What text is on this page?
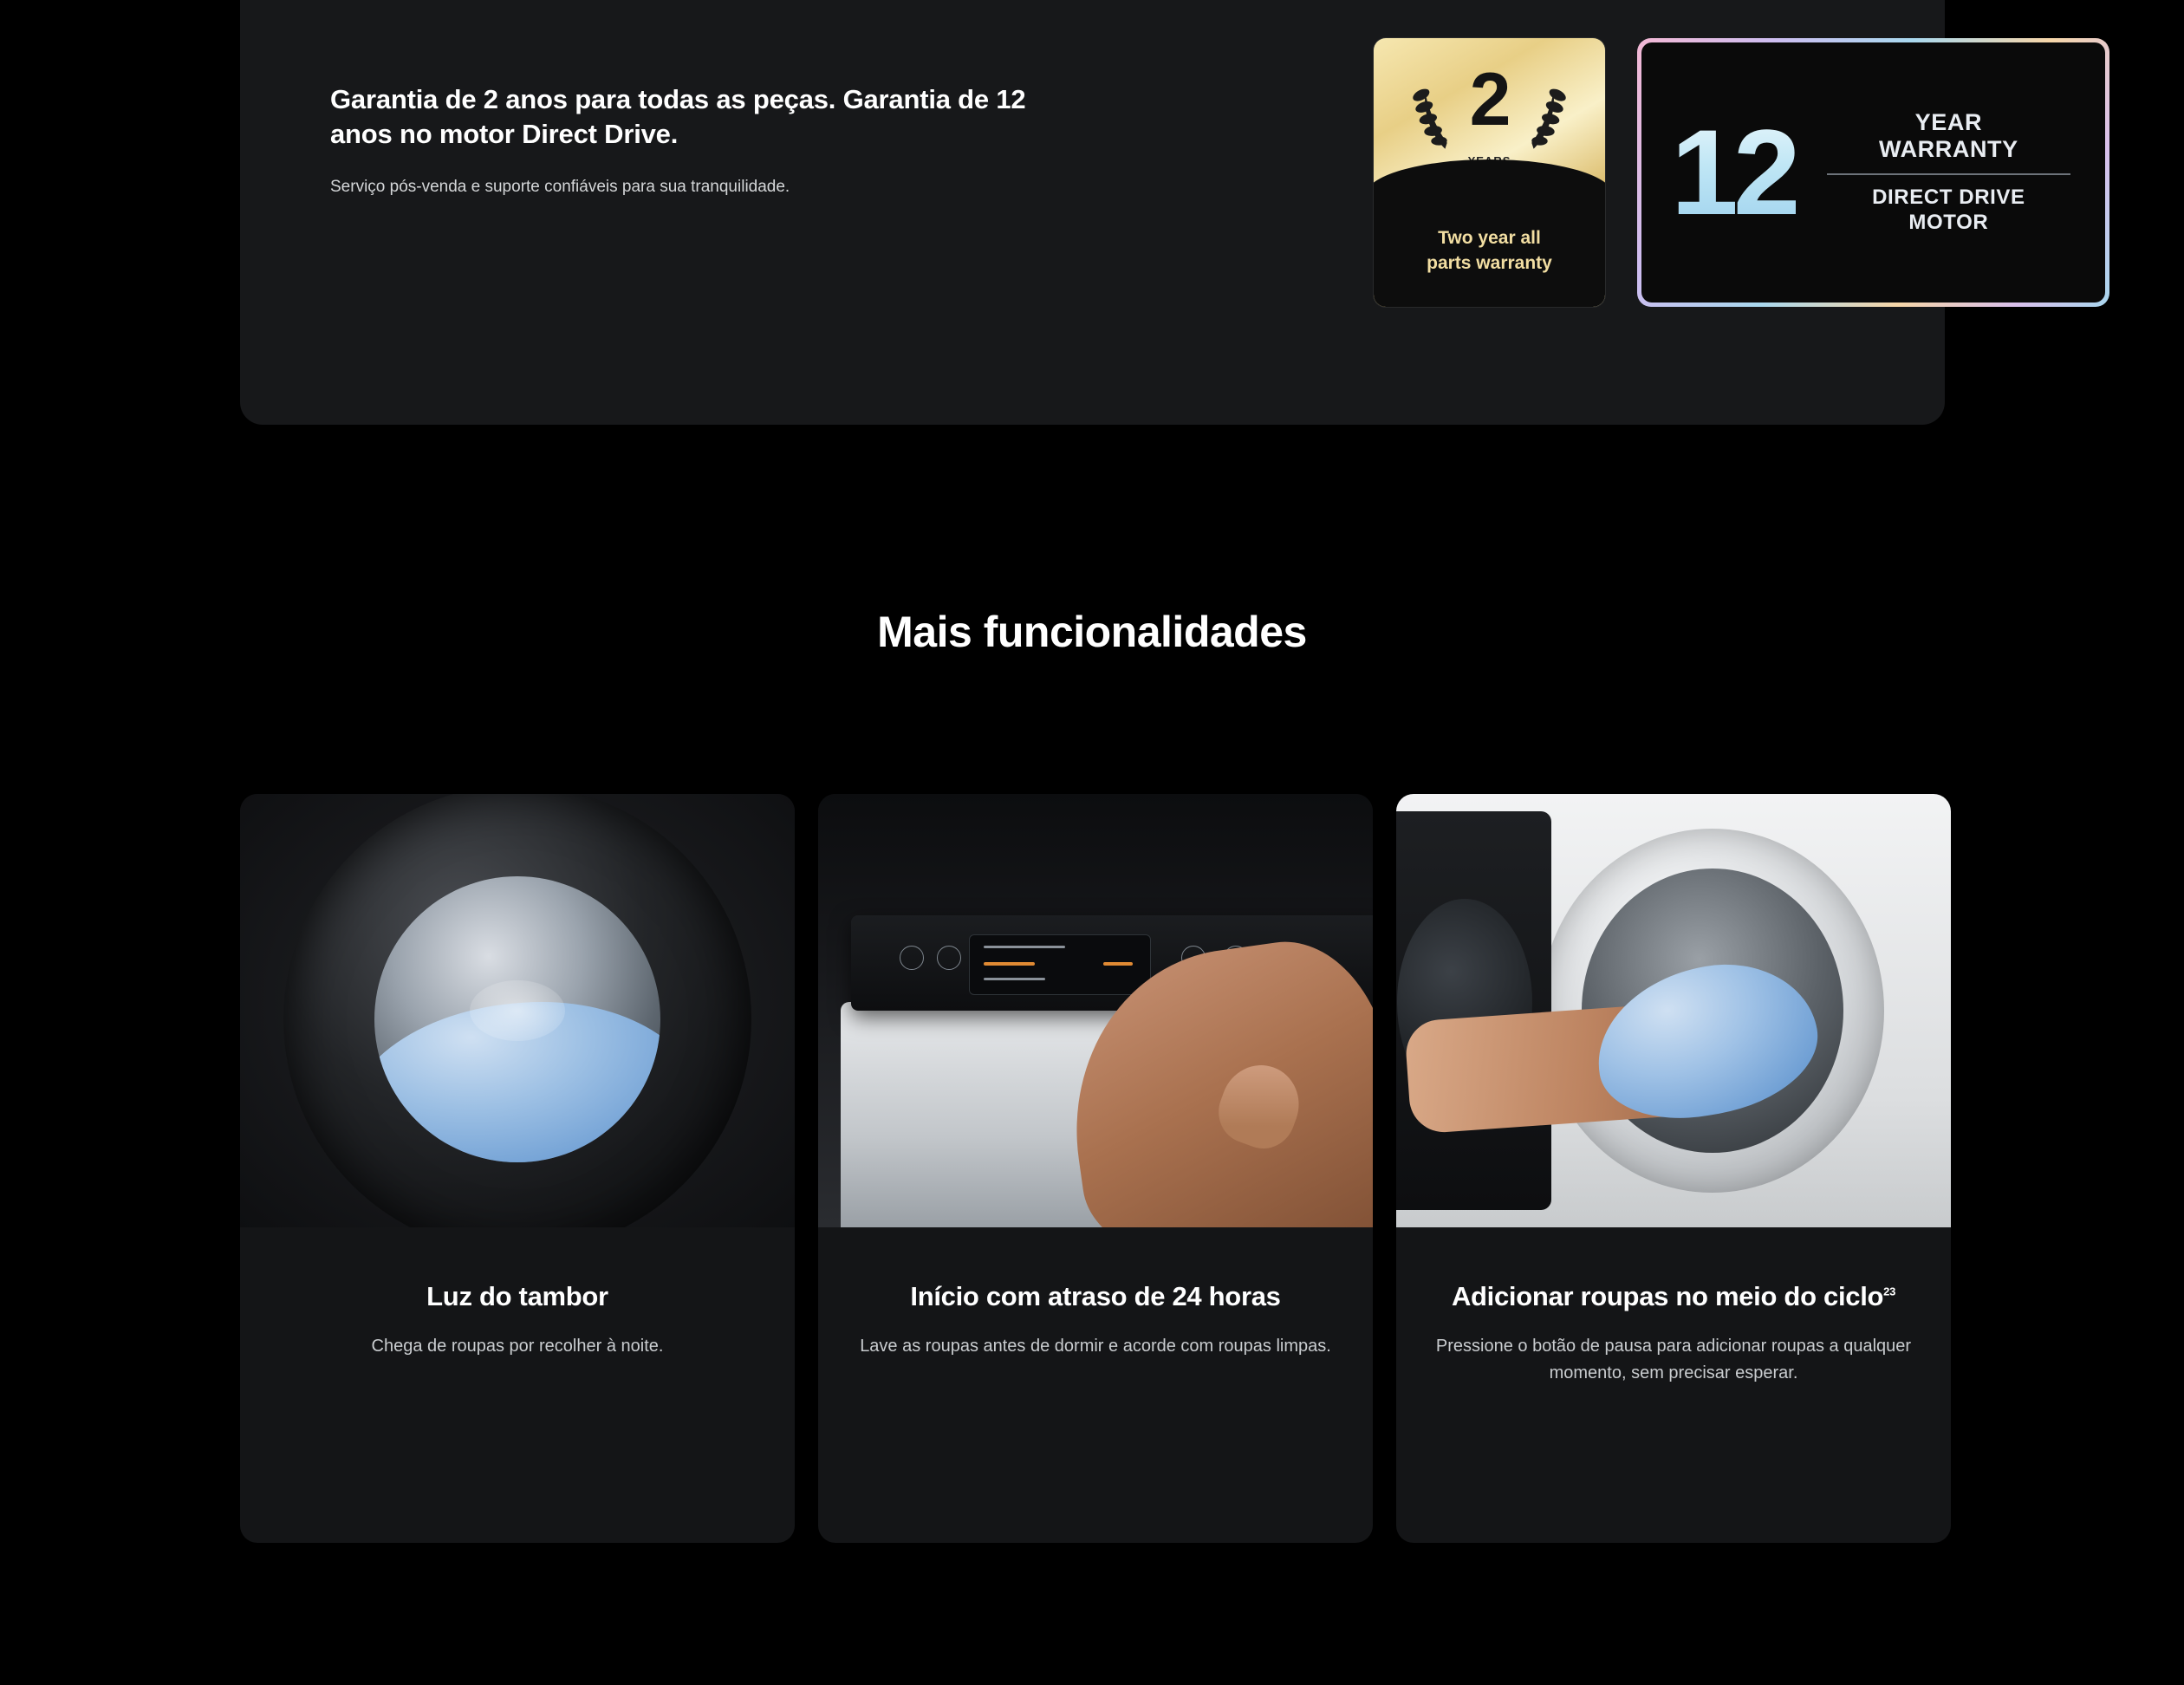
Garantia de 2 anos para todas as peças. Garantia de 12 anos no motor Direct Drive.

Serviço pós-venda e suporte confiáveis para sua tranquilidade.

2
Two year all
parts warranty
12	YEAR
WARRANTY
DIRECT DRIVE
MOTOR
Mais funcionalidades
Luz do tambor

Chega de roupas por recolher à noite.

Início com atraso de 24 horas

Lave as roupas antes de dormir e acorde com roupas limpas.

Adicionar roupas no meio do ciclo$^{23}$

Pressione o botão de pausa para adicionar roupas a qualquer momento, sem precisar esperar.
